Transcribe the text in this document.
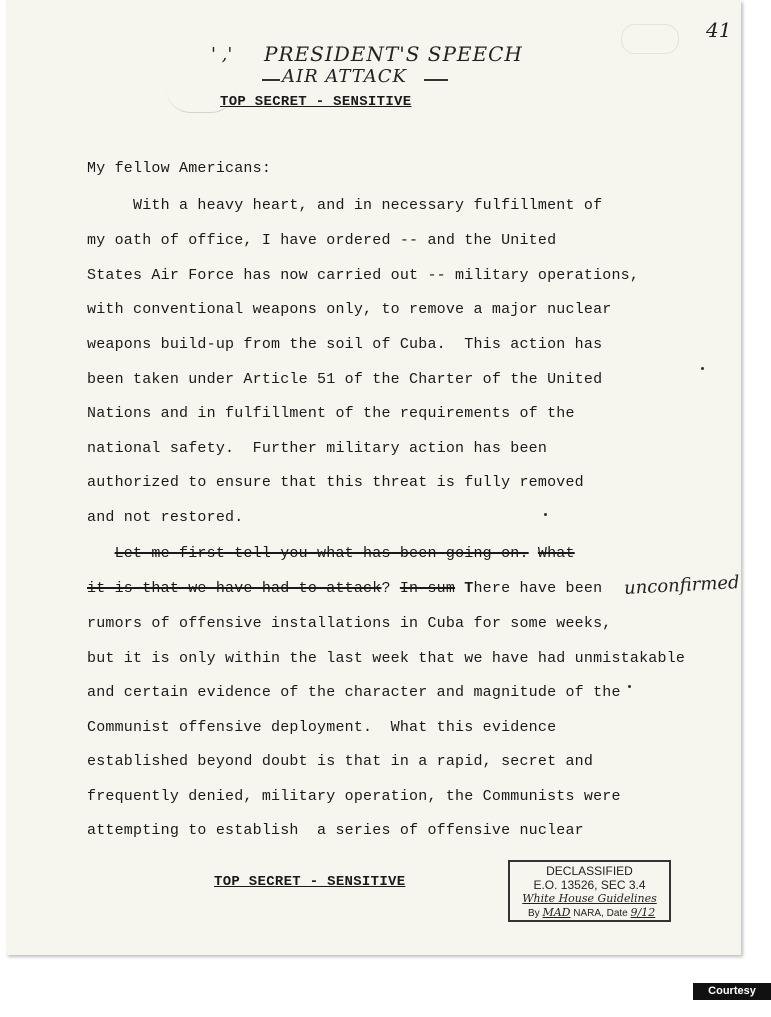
41
' ,' PRESIDENT'S SPEECH
AIR ATTACK
TOP SECRET - SENSITIVE
My fellow Americans:
With a heavy heart, and in necessary fulfillment of
my oath of office, I have ordered -- and the United
States Air Force has now carried out -- military operations,
with conventional weapons only, to remove a major nuclear
weapons build-up from the soil of Cuba.  This action has
been taken under Article 51 of the Charter of the United
Nations and in fulfillment of the requirements of the
national safety.  Further military action has been
authorized to ensure that this threat is fully removed
and not restored.
Let me first tell you what has been going on. What
it is that we have had to attack? In sum There have been unconfirmed
rumors of offensive installations in Cuba for some weeks,
but it is only within the last week that we have had unmistakable
and certain evidence of the character and magnitude of the
Communist offensive deployment.  What this evidence
established beyond doubt is that in a rapid, secret and
frequently denied, military operation, the Communists were
attempting to establish  a series of offensive nuclear
TOP SECRET - SENSITIVE
DECLASSIFIED
E.O. 13526, SEC 3.4
White House Guidelines
By MAD NARA, Date 9/12
Courtesy Photo
